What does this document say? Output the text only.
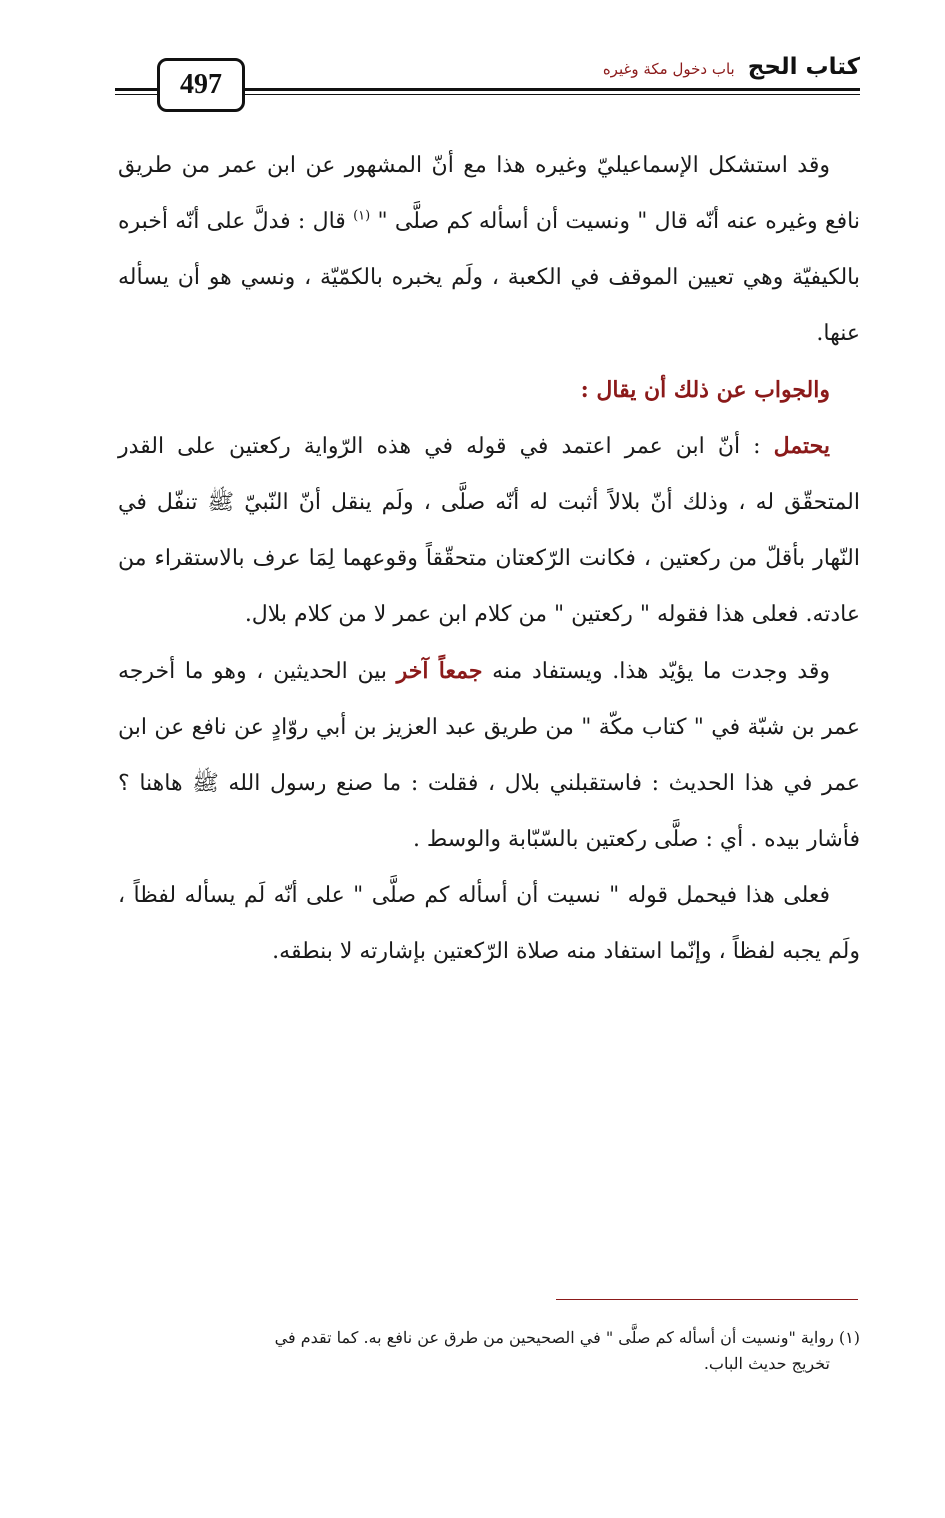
497
كتاب الحج باب دخول مكة وغيره

وقد استشكل الإسماعيليّ وغيره هذا مع أنّ المشهور عن ابن عمر من طريق نافع وغيره عنه أنّه قال " ونسيت أن أسأله كم صلَّى " $^{(١)}$ قال : فدلَّ على أنّه أخبره بالكيفيّة وهي تعيين الموقف في الكعبة ، ولَم يخبره بالكمّيّة ، ونسي هو أن يسأله عنها.

والجواب عن ذلك أن يقال :

يحتمل : أنّ ابن عمر اعتمد في قوله في هذه الرّواية ركعتين على القدر المتحقّق له ، وذلك أنّ بلالاً أثبت له أنّه صلَّى ، ولَم ينقل أنّ النّبيّ ﷺ تنفّل في النّهار بأقلّ من ركعتين ، فكانت الرّكعتان متحقّقاً وقوعهما لِمَا عرف بالاستقراء من عادته. فعلى هذا فقوله " ركعتين " من كلام ابن عمر لا من كلام بلال.

وقد وجدت ما يؤيّد هذا. ويستفاد منه جمعاً آخر بين الحديثين ، وهو ما أخرجه عمر بن شبّة في " كتاب مكّة " من طريق عبد العزيز بن أبي روّادٍ عن نافع عن ابن عمر في هذا الحديث : فاستقبلني بلال ، فقلت : ما صنع رسول الله ﷺ هاهنا ؟ فأشار بيده . أي : صلَّى ركعتين بالسّبّابة والوسط .

فعلى هذا فيحمل قوله " نسيت أن أسأله كم صلَّى " على أنّه لَم يسأله لفظاً ، ولَم يجبه لفظاً ، وإنّما استفاد منه صلاة الرّكعتين بإشارته لا بنطقه.

(١) رواية "ونسيت أن أسأله كم صلَّى " في الصحيحين من طرق عن نافع به. كما تقدم في
تخريج حديث الباب.
